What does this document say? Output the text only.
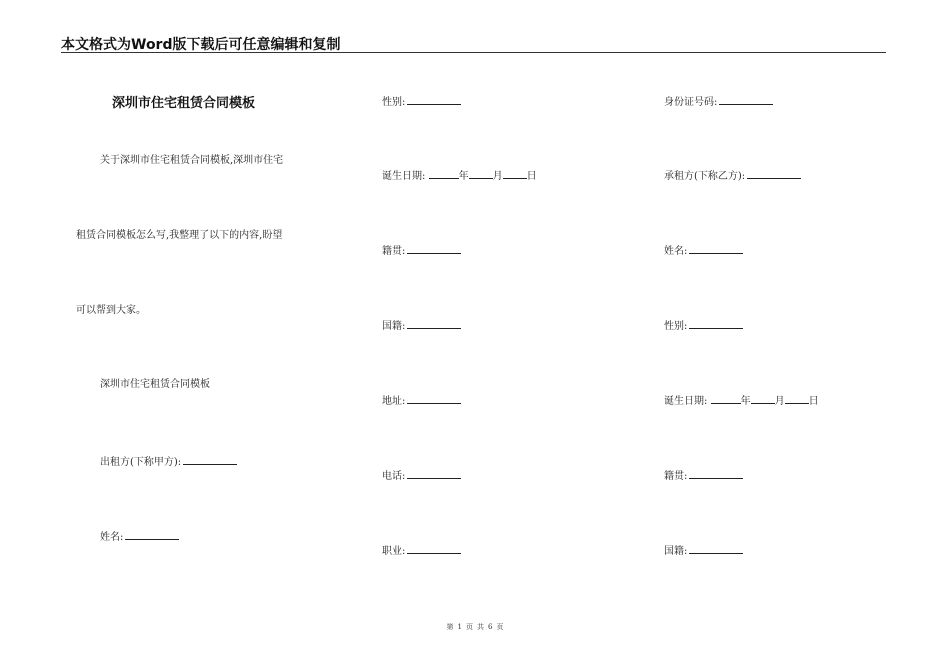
本文格式为Word版下载后可任意编辑和复制
深圳市住宅租赁合同模板
关于深圳市住宅租赁合同模板,深圳市住宅
租赁合同模板怎么写,我整理了以下的内容,盼望
可以帮到大家。
深圳市住宅租赁合同模板
出租方(下称甲方):
姓名:
性别:
诞生日期:	年 月 日
籍贯:
国籍:
地址:
电话:
职业:
身份证号码:
承租方(下称乙方):
姓名:
性别:
诞生日期:	年 月 日
籍贯:
国籍:
第 1 页 共 6 页
